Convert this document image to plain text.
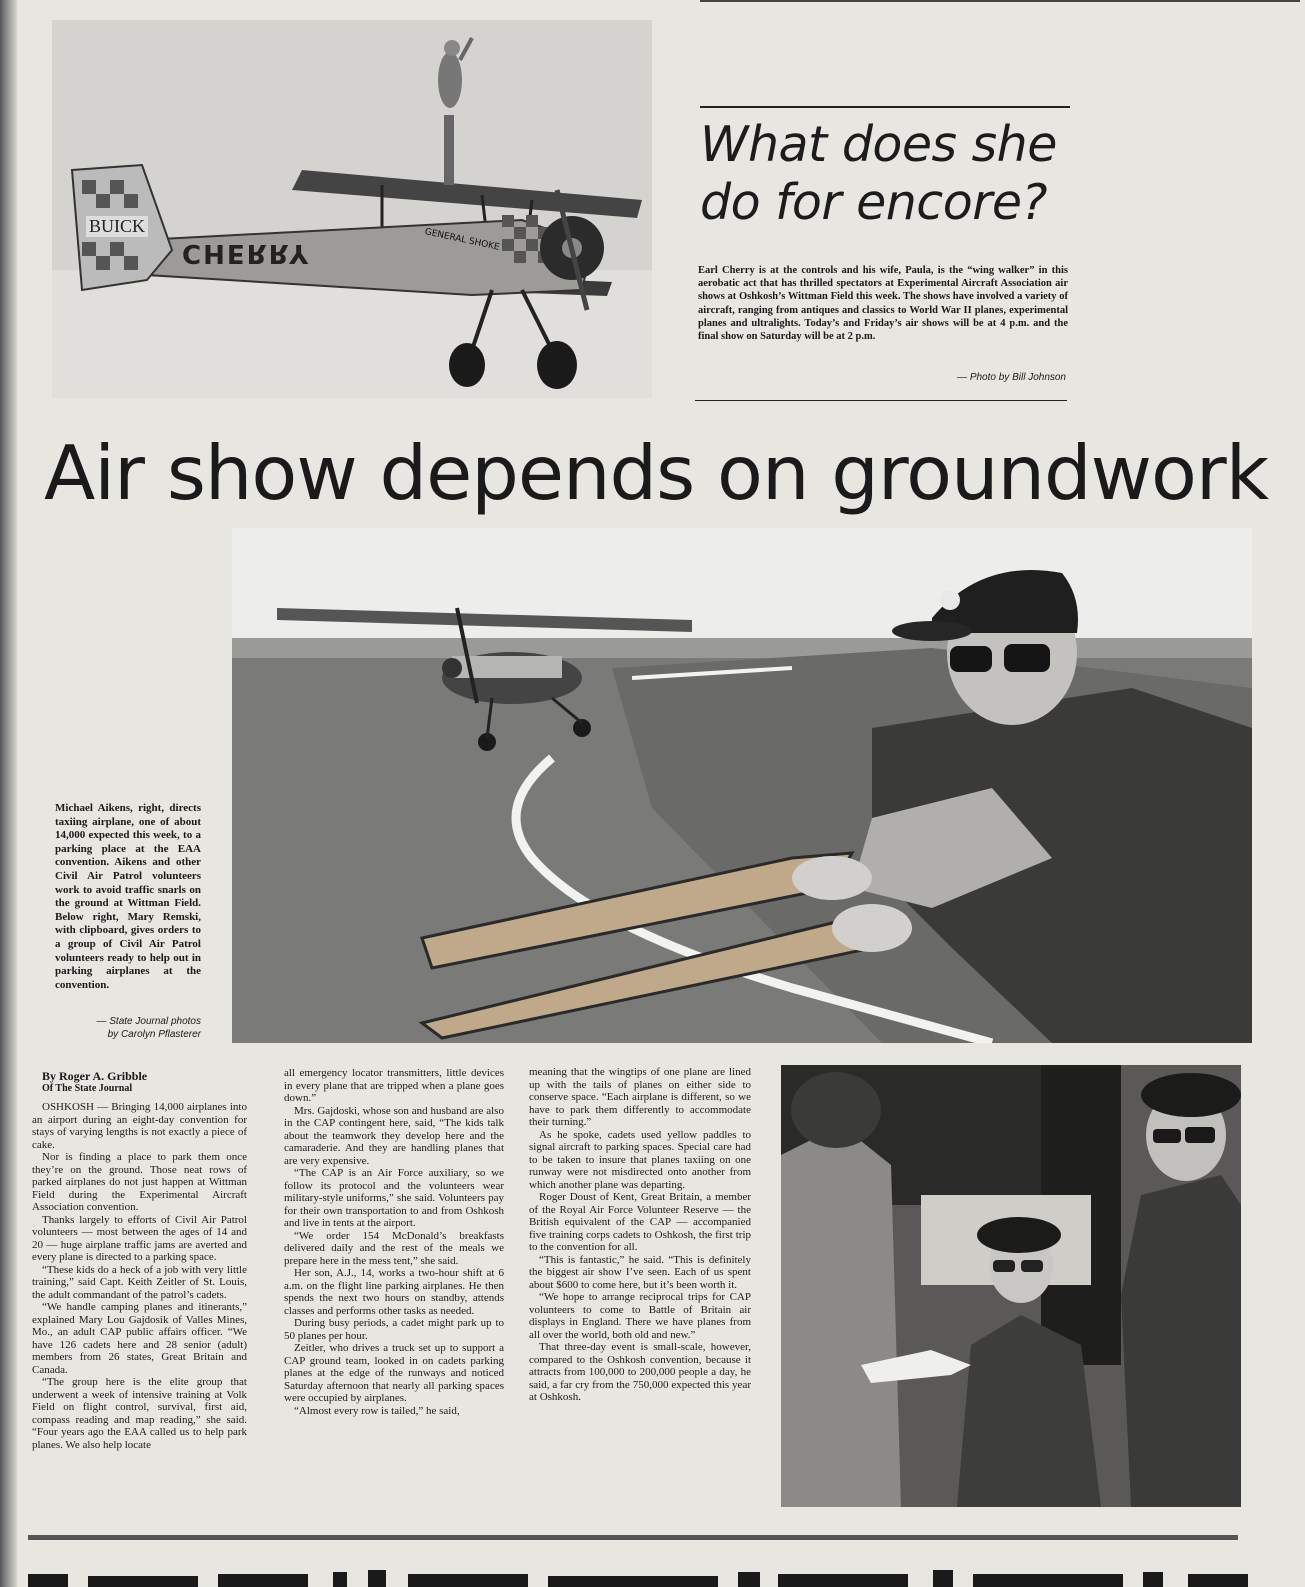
CHERRY
BUICK
GENERAL SHOKE
What does she do for encore?

Earl Cherry is at the controls and his wife, Paula, is the “wing walker” in this aerobatic act that has thrilled spectators at Experimental Aircraft Association air shows at Oshkosh’s Wittman Field this week. The shows have involved a variety of aircraft, ranging from antiques and classics to World War II planes, experimental planes and ultralights. Today’s and Friday’s air shows will be at 4 p.m. and the final show on Saturday will be at 2 p.m.

— Photo by Bill Johnson
Air show depends on groundwork

Michael Aikens, right, directs taxiing airplane, one of about 14,000 expected this week, to a parking place at the EAA convention. Aikens and other Civil Air Patrol volunteers work to avoid traffic snarls on the ground at Wittman Field. Below right, Mary Remski, with clipboard, gives orders to a group of Civil Air Patrol volunteers ready to help out in parking airplanes at the convention.

— State Journal photos
by Carolyn Pflasterer

By Roger A. Gribble

Of The State Journal

OSHKOSH — Bringing 14,000 airplanes into an airport during an eight-day convention for stays of varying lengths is not exactly a piece of cake.

Nor is finding a place to park them once they’re on the ground. Those neat rows of parked airplanes do not just happen at Wittman Field during the Experimental Aircraft Association convention.

Thanks largely to efforts of Civil Air Patrol volunteers — most between the ages of 14 and 20 — huge airplane traffic jams are averted and every plane is directed to a parking space.

“These kids do a heck of a job with very little training,” said Capt. Keith Zeitler of St. Louis, the adult commandant of the patrol’s cadets.

“We handle camping planes and itinerants,” explained Mary Lou Gajdosik of Valles Mines, Mo., an adult CAP public affairs officer. “We have 126 cadets here and 28 senior (adult) members from 26 states, Great Britain and Canada.

“The group here is the elite group that underwent a week of intensive training at Volk Field on flight control, survival, first aid, compass reading and map reading,” she said. “Four years ago the EAA called us to help park planes. We also help locate

all emergency locator transmitters, little devices in every plane that are tripped when a plane goes down.”

Mrs. Gajdoski, whose son and husband are also in the CAP contingent here, said, “The kids talk about the teamwork they develop here and the camaraderie. And they are handling planes that are very expensive.

“The CAP is an Air Force auxiliary, so we follow its protocol and the volunteers wear military-style uniforms,” she said. Volunteers pay for their own transportation to and from Oshkosh and live in tents at the airport.

“We order 154 McDonald’s breakfasts delivered daily and the rest of the meals we prepare here in the mess tent,” she said.

Her son, A.J., 14, works a two-hour shift at 6 a.m. on the flight line parking airplanes. He then spends the next two hours on standby, attends classes and performs other tasks as needed.

During busy periods, a cadet might park up to 50 planes per hour.

Zeitler, who drives a truck set up to support a CAP ground team, looked in on cadets parking planes at the edge of the runways and noticed Saturday afternoon that nearly all parking spaces were occupied by airplanes.

“Almost every row is tailed,” he said,

meaning that the wingtips of one plane are lined up with the tails of planes on either side to conserve space. “Each airplane is different, so we have to park them differently to accommodate their turning.”

As he spoke, cadets used yellow paddles to signal aircraft to parking spaces. Special care had to be taken to insure that planes taxiing on one runway were not misdirected onto another from which another plane was departing.

Roger Doust of Kent, Great Britain, a member of the Royal Air Force Volunteer Reserve — the British equivalent of the CAP — accompanied five training corps cadets to Oshkosh, the first trip to the convention for all.

“This is fantastic,” he said. “This is definitely the biggest air show I’ve seen. Each of us spent about $600 to come here, but it’s been worth it.

“We hope to arrange reciprocal trips for CAP volunteers to come to Battle of Britain air displays in England. There we have planes from all over the world, both old and new.”

That three-day event is small-scale, however, compared to the Oshkosh convention, because it attracts from 100,000 to 200,000 people a day, he said, a far cry from the 750,000 expected this year at Oshkosh.
